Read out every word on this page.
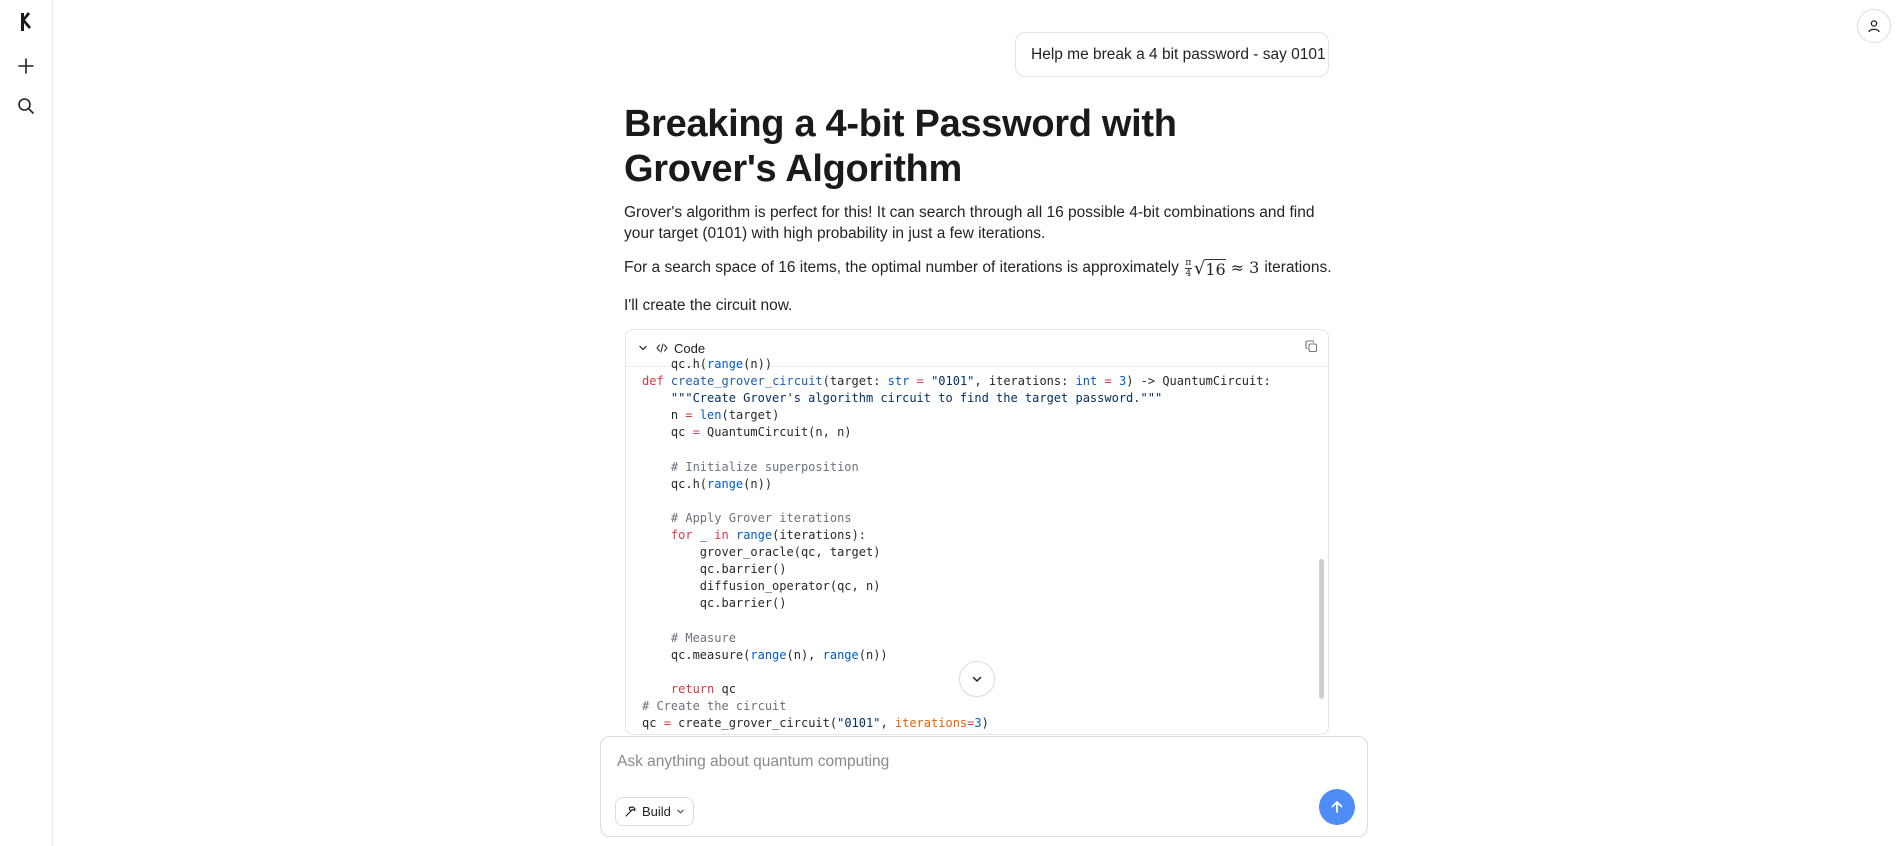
Help me break a 4 bit password - say 0101
Breaking a 4-bit Password with Grover's Algorithm

Grover's algorithm is perfect for this! It can search through all 16 possible 4-bit combinations and find your target (0101) with high probability in just a few iterations.

For a search space of 16 items, the optimal number of iterations is approximately $\frac{\pi}{4}$ √ 16 ≈ 3 iterations.

I'll create the circuit now.

Code
qc.h(range(n))
def create_grover_circuit(target: str = "0101", iterations: int = 3) -> QuantumCircuit:
"""Create Grover's algorithm circuit to find the target password."""
n = len(target)
qc = QuantumCircuit(n, n)

# Initialize superposition
qc.h(range(n))

# Apply Grover iterations
for _ in range(iterations):
grover_oracle(qc, target)
qc.barrier()
diffusion_operator(qc, n)
qc.barrier()

# Measure
qc.measure(range(n), range(n))

return qc
# Create the circuit
qc = create_grover_circuit("0101", iterations=3)
Ask anything about quantum computing
Build
